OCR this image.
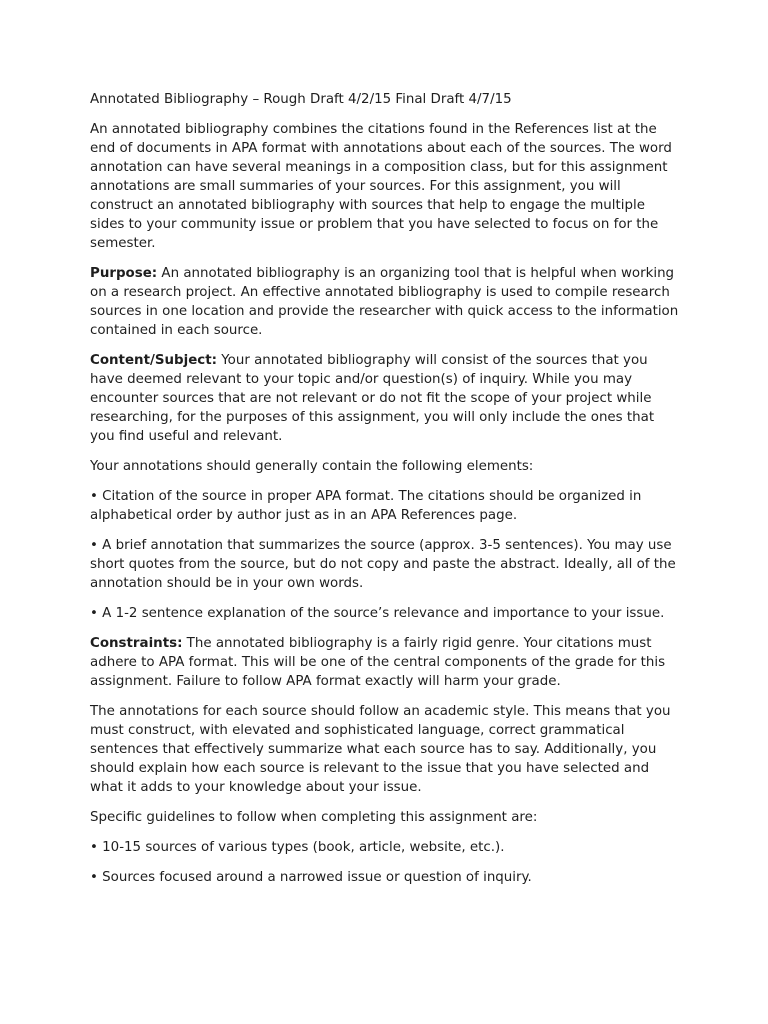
Annotated Bibliography – Rough Draft 4/2/15 Final Draft 4/7/15

An annotated bibliography combines the citations found in the References list at the end of documents in APA format with annotations about each of the sources. The word annotation can have several meanings in a composition class, but for this assignment annotations are small summaries of your sources. For this assignment, you will construct an annotated bibliography with sources that help to engage the multiple sides to your community issue or problem that you have selected to focus on for the semester.

Purpose: An annotated bibliography is an organizing tool that is helpful when working on a research project. An effective annotated bibliography is used to compile research sources in one location and provide the researcher with quick access to the information contained in each source.

Content/Subject: Your annotated bibliography will consist of the sources that you have deemed relevant to your topic and/or question(s) of inquiry. While you may encounter sources that are not relevant or do not fit the scope of your project while researching, for the purposes of this assignment, you will only include the ones that you find useful and relevant.

Your annotations should generally contain the following elements:

• Citation of the source in proper APA format. The citations should be organized in alphabetical order by author just as in an APA References page.

• A brief annotation that summarizes the source (approx. 3-5 sentences). You may use short quotes from the source, but do not copy and paste the abstract. Ideally, all of the annotation should be in your own words.

• A 1-2 sentence explanation of the source’s relevance and importance to your issue.

Constraints: The annotated bibliography is a fairly rigid genre. Your citations must adhere to APA format. This will be one of the central components of the grade for this assignment. Failure to follow APA format exactly will harm your grade.

The annotations for each source should follow an academic style. This means that you must construct, with elevated and sophisticated language, correct grammatical sentences that effectively summarize what each source has to say. Additionally, you should explain how each source is relevant to the issue that you have selected and what it adds to your knowledge about your issue.

Specific guidelines to follow when completing this assignment are:

• 10-15 sources of various types (book, article, website, etc.).

• Sources focused around a narrowed issue or question of inquiry.
